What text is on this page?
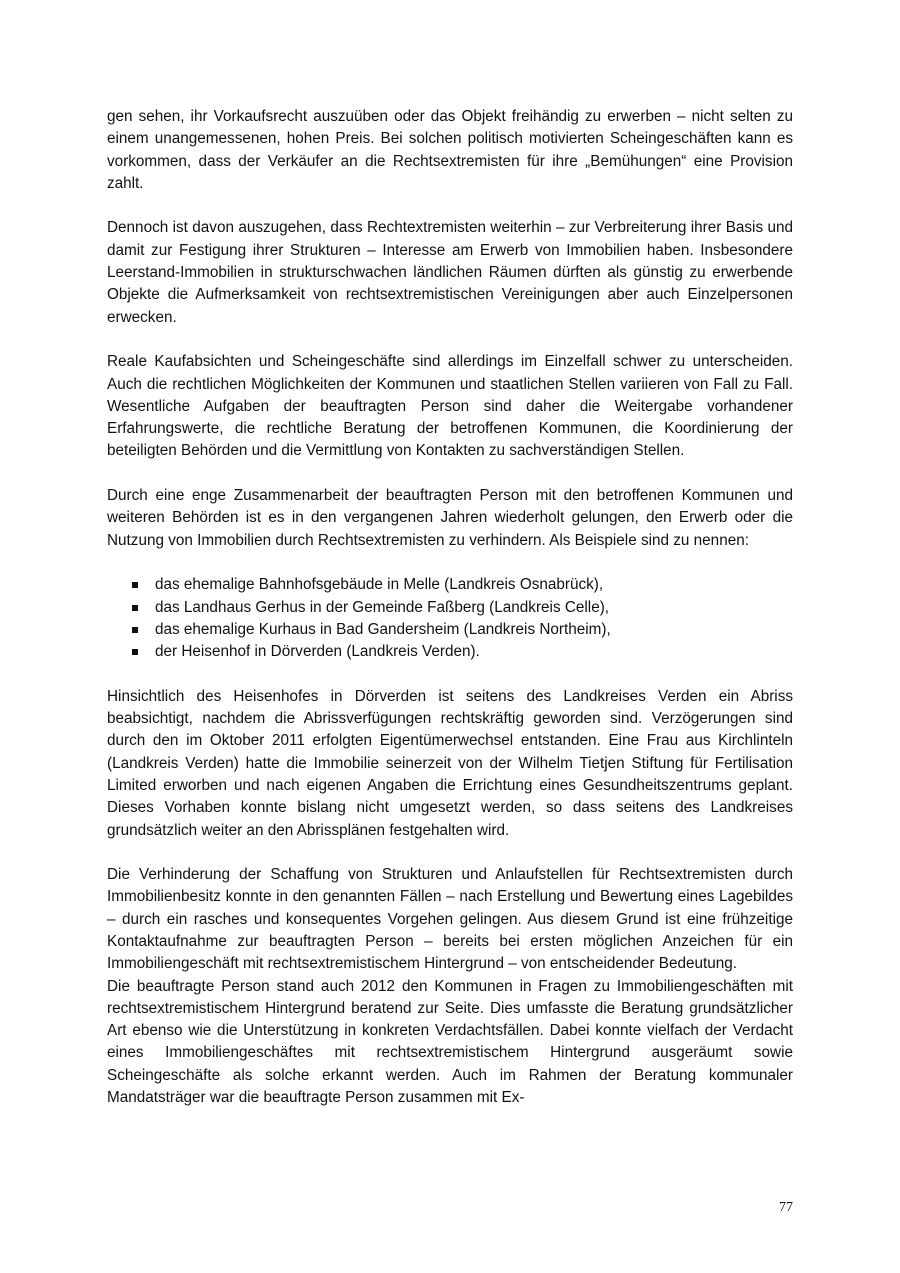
gen sehen, ihr Vorkaufsrecht auszuüben oder das Objekt freihändig zu erwerben – nicht selten zu einem unangemessenen, hohen Preis. Bei solchen politisch motivierten Scheingeschäften kann es vorkommen, dass der Verkäufer an die Rechtsextremisten für ihre „Bemühungen“ eine Provision zahlt.

Dennoch ist davon auszugehen, dass Rechtextremisten weiterhin – zur Verbreiterung ihrer Basis und damit zur Festigung ihrer Strukturen – Interesse am Erwerb von Immobilien haben. Insbesondere Leerstand-Immobilien in strukturschwachen ländlichen Räumen dürften als günstig zu erwerbende Objekte die Aufmerksamkeit von rechtsextremistischen Vereinigungen aber auch Einzelpersonen erwecken.

Reale Kaufabsichten und Scheingeschäfte sind allerdings im Einzelfall schwer zu unterscheiden. Auch die rechtlichen Möglichkeiten der Kommunen und staatlichen Stellen variieren von Fall zu Fall. Wesentliche Aufgaben der beauftragten Person sind daher die Weitergabe vorhandener Erfahrungswerte, die rechtliche Beratung der betroffenen Kommunen, die Koordinierung der beteiligten Behörden und die Vermittlung von Kontakten zu sachverständigen Stellen.

Durch eine enge Zusammenarbeit der beauftragten Person mit den betroffenen Kommunen und weiteren Behörden ist es in den vergangenen Jahren wiederholt gelungen, den Erwerb oder die Nutzung von Immobilien durch Rechtsextremisten zu verhindern. Als Beispiele sind zu nennen:

das ehemalige Bahnhofsgebäude in Melle (Landkreis Osnabrück),
das Landhaus Gerhus in der Gemeinde Faßberg (Landkreis Celle),
das ehemalige Kurhaus in Bad Gandersheim (Landkreis Northeim),
der Heisenhof in Dörverden (Landkreis Verden).

Hinsichtlich des Heisenhofes in Dörverden ist seitens des Landkreises Verden ein Abriss beabsichtigt, nachdem die Abrissverfügungen rechtskräftig geworden sind. Verzögerungen sind durch den im Oktober 2011 erfolgten Eigentümerwechsel entstanden. Eine Frau aus Kirchlinteln (Landkreis Verden) hatte die Immobilie seinerzeit von der Wilhelm Tietjen Stiftung für Fertilisation Limited erworben und nach eigenen Angaben die Errichtung eines Gesundheitszentrums geplant. Dieses Vorhaben konnte bislang nicht umgesetzt werden, so dass seitens des Landkreises grundsätzlich weiter an den Abrissplänen festgehalten wird.

Die Verhinderung der Schaffung von Strukturen und Anlaufstellen für Rechtsextremisten durch Immobilienbesitz konnte in den genannten Fällen – nach Erstellung und Bewertung eines Lagebildes – durch ein rasches und konsequentes Vorgehen gelingen. Aus diesem Grund ist eine frühzeitige Kontaktaufnahme zur beauftragten Person – bereits bei ersten möglichen Anzeichen für ein Immobiliengeschäft mit rechtsextremistischem Hintergrund – von entscheidender Bedeutung.

Die beauftragte Person stand auch 2012 den Kommunen in Fragen zu Immobiliengeschäften mit rechtsextremistischem Hintergrund beratend zur Seite. Dies umfasste die Beratung grundsätzlicher Art ebenso wie die Unterstützung in konkreten Verdachtsfällen. Dabei konnte vielfach der Verdacht eines Immobiliengeschäftes mit rechtsextremistischem Hintergrund ausgeräumt sowie Scheingeschäfte als solche erkannt werden. Auch im Rahmen der Beratung kommunaler Mandatsträger war die beauftragte Person zusammen mit Ex-

77
